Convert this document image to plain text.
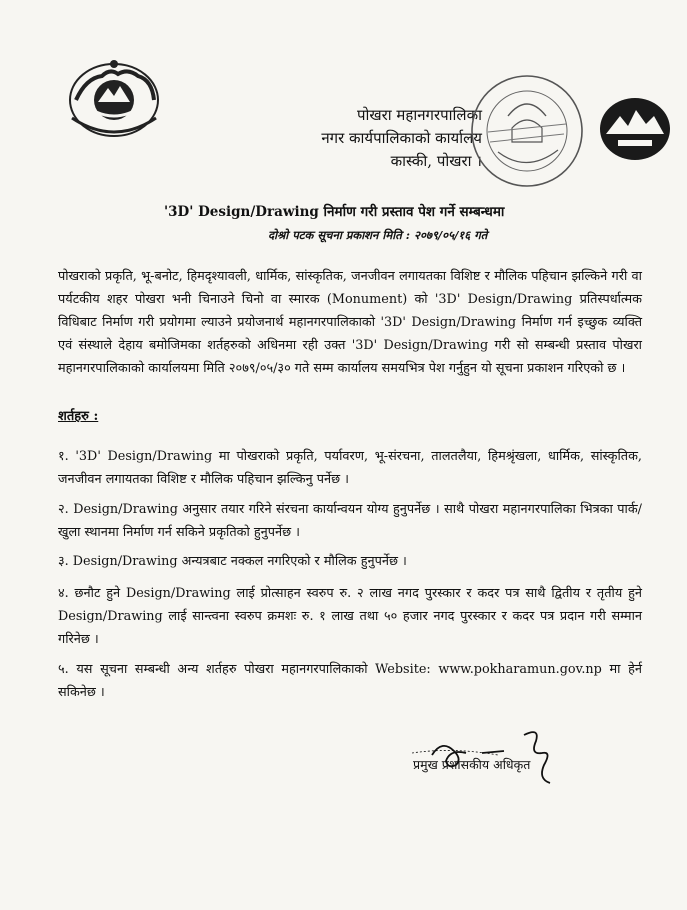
पोखरा महानगरपालिका
नगर कार्यपालिकाको कार्यालय
कास्की, पोखरा ।
'3D' Design/Drawing निर्माण गरी प्रस्ताव पेश गर्ने सम्बन्धमा
दोश्रो पटक सूचना प्रकाशन मिति : २०७९/०५/१६ गते
पोखराको प्रकृति, भू-बनोट, हिमदृश्यावली, धार्मिक, सांस्कृतिक, जनजीवन लगायतका विशिष्ट र मौलिक पहिचान झल्किने गरी वा पर्यटकीय शहर पोखरा भनी चिनाउने चिनो वा स्मारक (Monument) को '3D' Design/Drawing प्रतिस्पर्धात्मक विधिबाट निर्माण गरी प्रयोगमा ल्याउने प्रयोजनार्थ महानगरपालिकाको '3D' Design/Drawing निर्माण गर्न इच्छुक व्यक्ति एवं संस्थाले देहाय बमोजिमका शर्तहरुको अधिनमा रही उक्त '3D' Design/Drawing गरी सो सम्बन्धी प्रस्ताव पोखरा महानगरपालिकाको कार्यालयमा मिति २०७९/०५/३० गते सम्म कार्यालय समयभित्र पेश गर्नुहुन यो सूचना प्रकाशन गरिएको छ ।
शर्तहरु :
१. '3D' Design/Drawing मा पोखराको प्रकृति, पर्यावरण, भू-संरचना, तालतलैया, हिमश्रृंखला, धार्मिक, सांस्कृतिक, जनजीवन लगायतका विशिष्ट र मौलिक पहिचान झल्किनु पर्नेछ ।
२. Design/Drawing अनुसार तयार गरिने संरचना कार्यान्वयन योग्य हुनुपर्नेछ । साथै पोखरा महानगरपालिका भित्रका पार्क/खुला स्थानमा निर्माण गर्न सकिने प्रकृतिको हुनुपर्नेछ ।
३. Design/Drawing अन्यत्रबाट नक्कल नगरिएको र मौलिक हुनुपर्नेछ ।
४. छनौट हुने Design/Drawing लाई प्रोत्साहन स्वरुप रु. २ लाख नगद पुरस्कार र कदर पत्र साथै द्वितीय र तृतीय हुने Design/Drawing लाई सान्त्वना स्वरुप क्रमशः रु. १ लाख तथा ५० हजार नगद पुरस्कार र कदर पत्र प्रदान गरी सम्मान गरिनेछ ।
५. यस सूचना सम्बन्धी अन्य शर्तहरु पोखरा महानगरपालिकाको Website: www.pokharamun.gov.np मा हेर्न सकिनेछ ।
प्रमुख प्रशासकीय अधिकृत
